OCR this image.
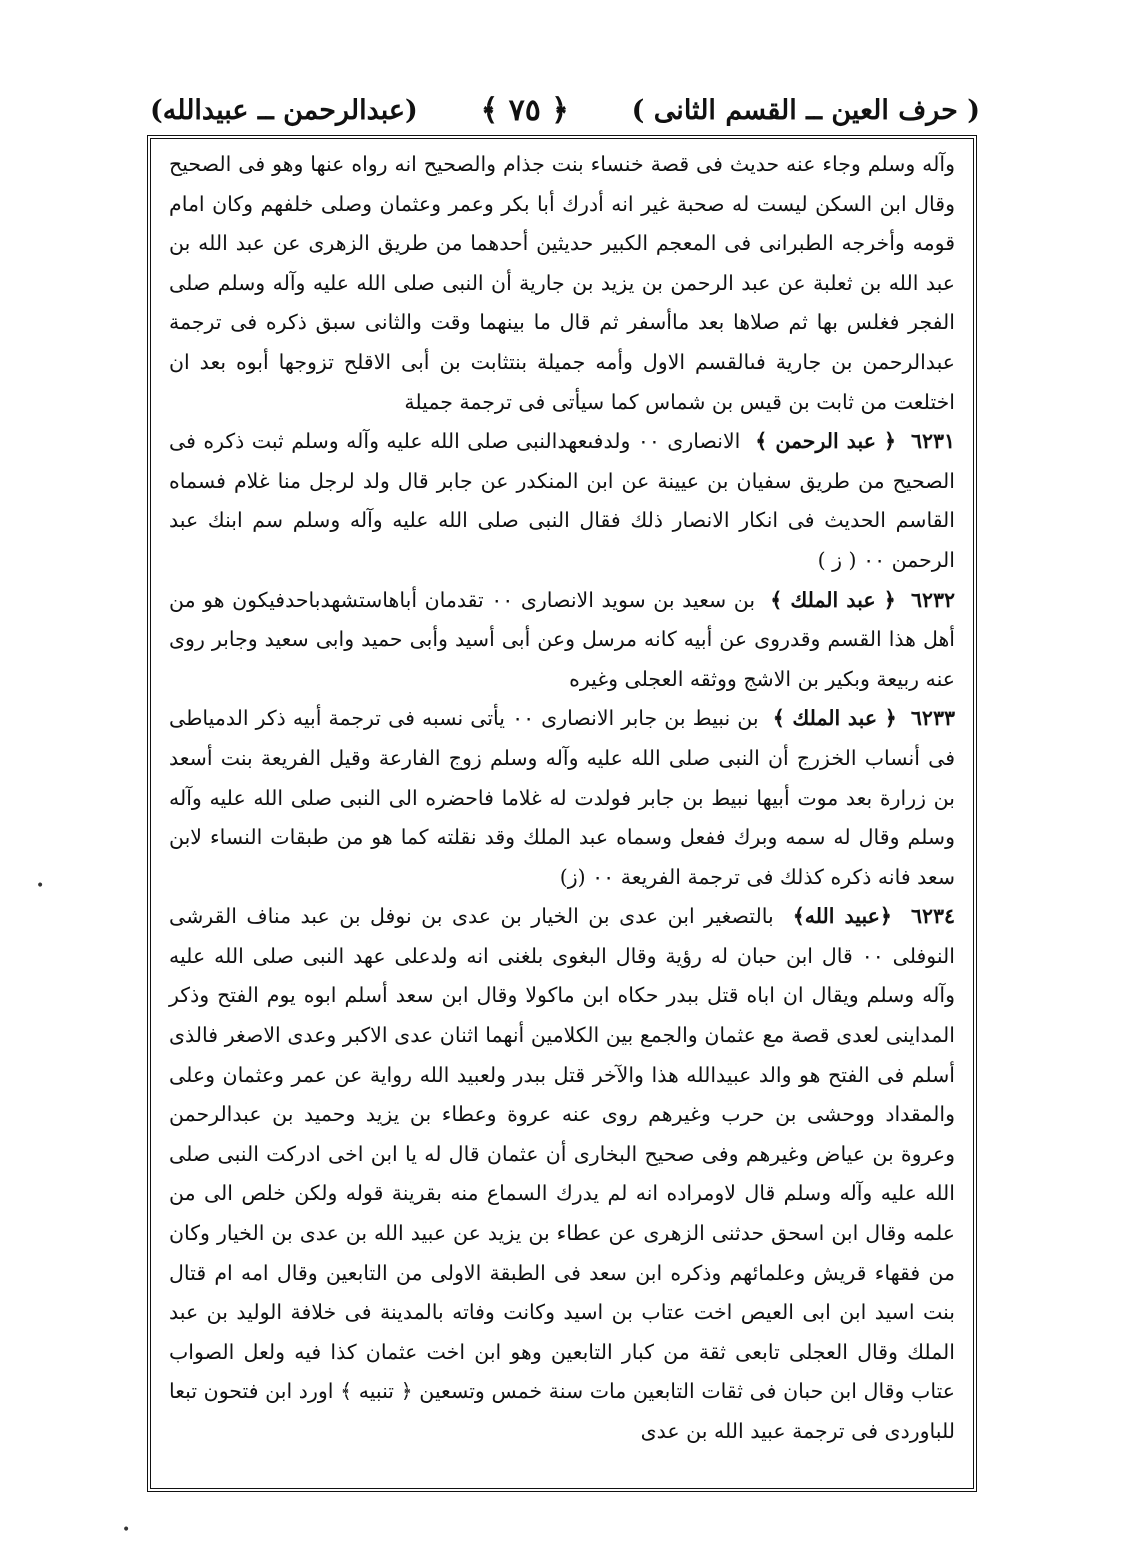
( حرف العين ــ القسم الثانى )
﴿ ٧٥ ﴾
(عبدالرحمن ــ عبيدالله)

وآله وسلم وجاء عنه حديث فى قصة خنساء بنت جذام والصحيح انه رواه عنها وهو فى الصحيح وقال ابن السكن ليست له صحبة غير انه أدرك أبا بكر وعمر وعثمان وصلى خلفهم وكان امام قومه وأخرجه الطبرانى فى المعجم الكبير حديثين أحدهما من طريق الزهرى عن عبد الله بن عبد الله بن ثعلبة عن عبد الرحمن بن يزيد بن جارية أن النبى صلى الله عليه وآله وسلم صلى الفجر فغلس بها ثم صلاها بعد ماأسفر ثم قال ما بينهما وقت والثانى سبق ذكره فى ترجمة عبدالرحمن بن جارية فىالقسم الاول وأمه جميلة بنتثابت بن أبى الاقلح تزوجها أبوه بعد ان اختلعت من ثابت بن قيس بن شماس كما سيأتى فى ترجمة جميلة

٦٢٣١  ﴿ عبد الرحمن ﴾  الانصارى ٠٠ ولدفىعهدالنبى صلى الله عليه وآله وسلم ثبت ذكره فى الصحيح من طريق سفيان بن عيينة عن ابن المنكدر عن جابر قال ولد لرجل منا غلام فسماه القاسم الحديث فى انكار الانصار ذلك فقال النبى صلى الله عليه وآله وسلم سم ابنك عبد الرحمن ٠٠ ( ز )

٦٢٣٢  ﴿ عبد الملك ﴾  بن سعيد بن سويد الانصارى ٠٠ تقدمان أباهاستشهدباحدفيكون هو من أهل هذا القسم وقدروى عن أبيه كانه مرسل وعن أبى أسيد وأبى حميد وابى سعيد وجابر روى عنه ربيعة وبكير بن الاشج ووثقه العجلى وغيره

٦٢٣٣  ﴿ عبد الملك ﴾  بن نبيط بن جابر الانصارى ٠٠ يأتى نسبه فى ترجمة أبيه ذكر الدمياطى فى أنساب الخزرج أن النبى صلى الله عليه وآله وسلم زوج الفارعة وقيل الفريعة بنت أسعد بن زرارة بعد موت أبيها نبيط بن جابر فولدت له غلاما فاحضره الى النبى صلى الله عليه وآله وسلم وقال له سمه وبرك ففعل وسماه عبد الملك وقد نقلته كما هو من طبقات النساء لابن سعد فانه ذكره كذلك فى ترجمة الفريعة ٠٠ (ز)

٦٢٣٤  ﴿عبيد الله﴾  بالتصغير ابن عدى بن الخيار بن عدى بن نوفل بن عبد مناف القرشى النوفلى ٠٠ قال ابن حبان له رؤية وقال البغوى بلغنى انه ولدعلى عهد النبى صلى الله عليه وآله وسلم ويقال ان اباه قتل ببدر حكاه ابن ماكولا وقال ابن سعد أسلم ابوه يوم الفتح وذكر المداينى لعدى قصة مع عثمان والجمع بين الكلامين أنهما اثنان عدى الاكبر وعدى الاصغر فالذى أسلم فى الفتح هو والد عبيدالله هذا والآخر قتل ببدر ولعبيد الله رواية عن عمر وعثمان وعلى والمقداد ووحشى بن حرب وغيرهم روى عنه عروة وعطاء بن يزيد وحميد بن عبدالرحمن وعروة بن عياض وغيرهم وفى صحيح البخارى أن عثمان قال له يا ابن اخى ادركت النبى صلى الله عليه وآله وسلم قال لاومراده انه لم يدرك السماع منه بقرينة قوله ولكن خلص الى من علمه وقال ابن اسحق حدثنى الزهرى عن عطاء بن يزيد عن عبيد الله بن عدى بن الخيار وكان من فقهاء قريش وعلمائهم وذكره ابن سعد فى الطبقة الاولى من التابعين وقال امه ام قتال بنت اسيد ابن ابى العيص اخت عتاب بن اسيد وكانت وفاته بالمدينة فى خلافة الوليد بن عبد الملك وقال العجلى تابعى ثقة من كبار التابعين وهو ابن اخت عثمان كذا فيه ولعل الصواب عتاب وقال ابن حبان فى ثقات التابعين مات سنة خمس وتسعين ﴿ تنبيه ﴾ اورد ابن فتحون تبعا للباوردى فى ترجمة عبيد الله بن عدى

•
•
